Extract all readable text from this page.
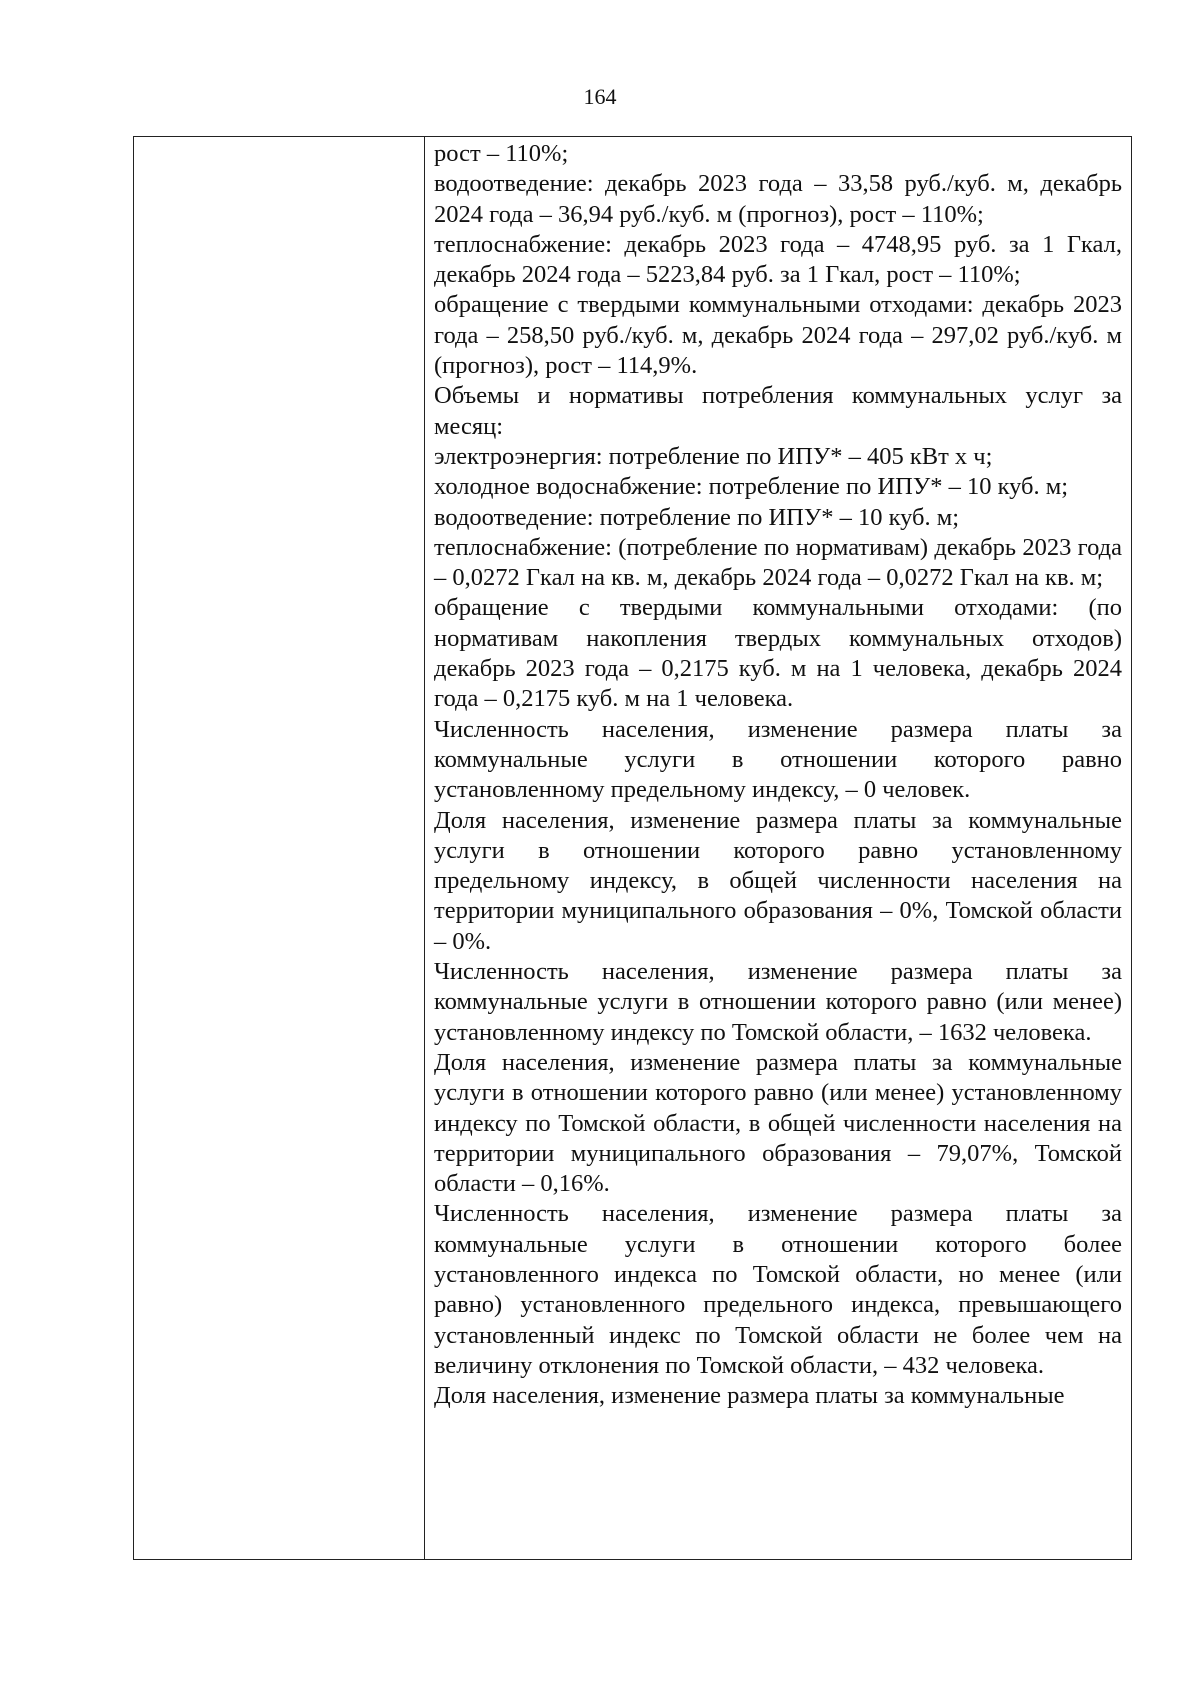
164

рост – 110%;

водоотведение: декабрь 2023 года – 33,58 руб./куб. м, декабрь 2024 года – 36,94 руб./куб. м (прогноз), рост – 110%;

теплоснабжение: декабрь 2023 года – 4748,95 руб. за 1 Гкал, декабрь 2024 года – 5223,84 руб. за 1 Гкал, рост – 110%;

обращение с твердыми коммунальными отходами: декабрь 2023 года – 258,50 руб./куб. м, декабрь 2024 года – 297,02 руб./куб. м (прогноз), рост – 114,9%.

Объемы и нормативы потребления коммунальных услуг за месяц:

электроэнергия: потребление по ИПУ* – 405 кВт х ч;

холодное водоснабжение: потребление по ИПУ* – 10 куб. м;

водоотведение: потребление по ИПУ* – 10 куб. м;

теплоснабжение: (потребление по нормативам) декабрь 2023 года – 0,0272 Гкал на кв. м, декабрь 2024 года – 0,0272 Гкал на кв. м;

обращение с твердыми коммунальными отходами: (по нормативам накопления твердых коммунальных отходов) декабрь 2023 года – 0,2175 куб. м на 1 человека, декабрь 2024 года – 0,2175 куб. м на 1 человека.

Численность населения, изменение размера платы за коммунальные услуги в отношении которого равно установленному предельному индексу, – 0 человек.

Доля населения, изменение размера платы за коммунальные услуги в отношении которого равно установленному предельному индексу, в общей численности населения на территории муниципального образования – 0%, Томской области – 0%.

Численность населения, изменение размера платы за коммунальные услуги в отношении которого равно (или менее) установленному индексу по Томской области, – 1632 человека.

Доля населения, изменение размера платы за коммунальные услуги в отношении которого равно (или менее) установленному индексу по Томской области, в общей численности населения на территории муниципального образования – 79,07%, Томской области – 0,16%.

Численность населения, изменение размера платы за коммунальные услуги в отношении которого более установленного индекса по Томской области, но менее (или равно) установленного предельного индекса, превышающего установленный индекс по Томской области не более чем на величину отклонения по Томской области, – 432 человека.

Доля населения, изменение размера платы за коммунальные
